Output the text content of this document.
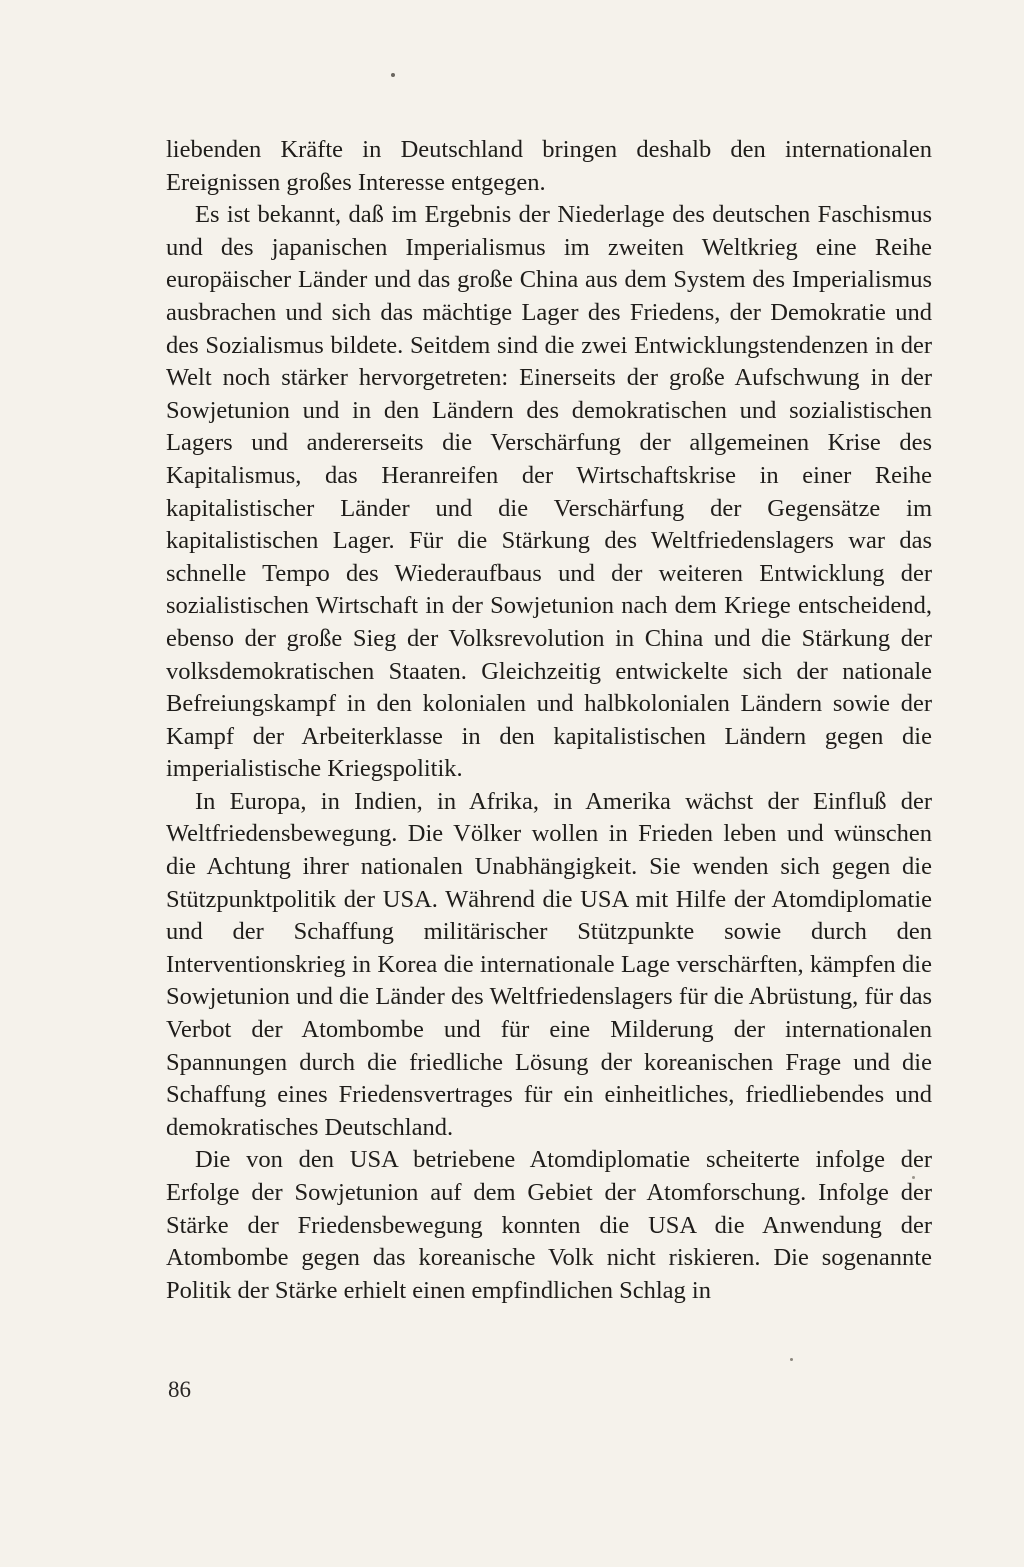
liebenden Kräfte in Deutschland bringen deshalb den internationalen Ereignissen großes Interesse entgegen.

Es ist bekannt, daß im Ergebnis der Niederlage des deutschen Faschismus und des japanischen Imperialismus im zweiten Weltkrieg eine Reihe europäischer Länder und das große China aus dem System des Imperialismus ausbrachen und sich das mächtige Lager des Friedens, der Demokratie und des Sozialismus bildete. Seitdem sind die zwei Entwicklungstendenzen in der Welt noch stärker hervorgetreten: Einerseits der große Aufschwung in der Sowjetunion und in den Ländern des demokratischen und sozialistischen Lagers und andererseits die Verschärfung der allgemeinen Krise des Kapitalismus, das Heranreifen der Wirtschaftskrise in einer Reihe kapitalistischer Länder und die Verschärfung der Gegensätze im kapitalistischen Lager. Für die Stärkung des Weltfriedenslagers war das schnelle Tempo des Wiederaufbaus und der weiteren Entwicklung der sozialistischen Wirtschaft in der Sowjetunion nach dem Kriege entscheidend, ebenso der große Sieg der Volksrevolution in China und die Stärkung der volksdemokratischen Staaten. Gleichzeitig entwickelte sich der nationale Befreiungskampf in den kolonialen und halbkolonialen Ländern sowie der Kampf der Arbeiterklasse in den kapitalistischen Ländern gegen die imperialistische Kriegspolitik.

In Europa, in Indien, in Afrika, in Amerika wächst der Einfluß der Weltfriedensbewegung. Die Völker wollen in Frieden leben und wünschen die Achtung ihrer nationalen Unabhängigkeit. Sie wenden sich gegen die Stützpunktpolitik der USA. Während die USA mit Hilfe der Atomdiplomatie und der Schaffung militärischer Stützpunkte sowie durch den Interventionskrieg in Korea die internationale Lage verschärften, kämpfen die Sowjetunion und die Länder des Weltfriedenslagers für die Abrüstung, für das Verbot der Atombombe und für eine Milderung der internationalen Spannungen durch die friedliche Lösung der koreanischen Frage und die Schaffung eines Friedensvertrages für ein einheitliches, friedliebendes und demokratisches Deutschland.

Die von den USA betriebene Atomdiplomatie scheiterte infolge der Erfolge der Sowjetunion auf dem Gebiet der Atomforschung. Infolge der Stärke der Friedensbewegung konnten die USA die Anwendung der Atombombe gegen das koreanische Volk nicht riskieren. Die sogenannte Politik der Stärke erhielt einen empfindlichen Schlag in

86
